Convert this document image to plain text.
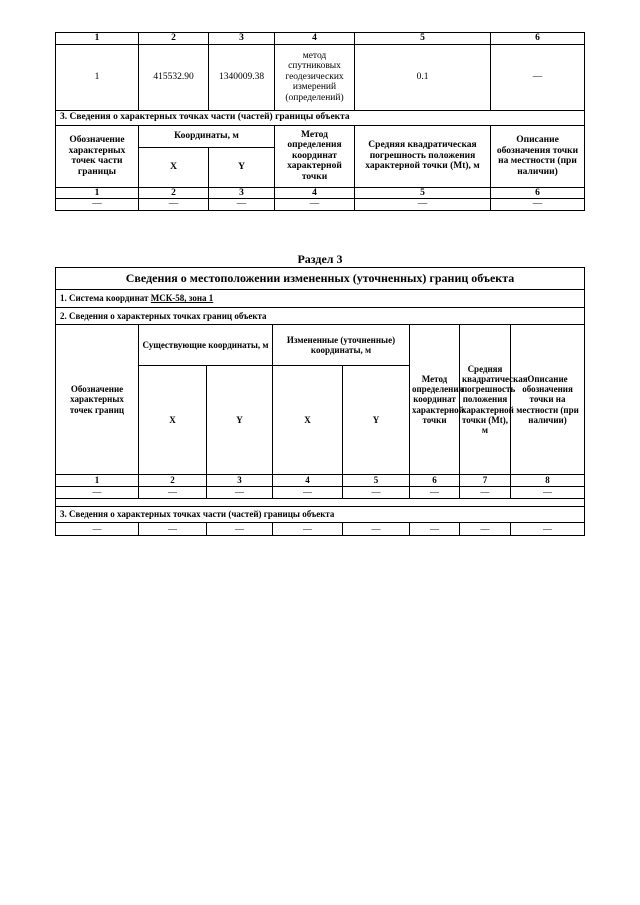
1	2	3	4	5	6
1	415532.90	1340009.38	метод спутниковых геодезических измерений (определений)	0.1	—
3. Сведения о характерных точках части (частей) границы объекта					
Обозначение характерных точек части границы	Координаты, м		Метод определения координат характерной точки	Средняя квадратическая погрешность положения характерной точки (Mt), м	Описание обозначения точки на местности (при наличии)
	X	Y			
1	2	3	4	5	6
—	—	—	—	—	—
Раздел 3
Сведения о местоположении измененных (уточненных) границ объекта							
1. Система координат МСК-58, зона 1							
2. Сведения о характерных точках границ объекта							
Обозначение характерных точек границ	Существующие координаты, м		Измененные (уточненные) координаты, м		Метод определения координат характерной точки	Средняя квадратическая погрешность положения характерной точки (Mt), м	Описание обозначения точки на местности (при наличии)
	X	Y	X	Y			
1	2	3	4	5	6	7	8
—	—	—	—	—	—	—	—

3. Сведения о характерных точках части (частей) границы объекта							
—	—	—	—	—	—	—	—
